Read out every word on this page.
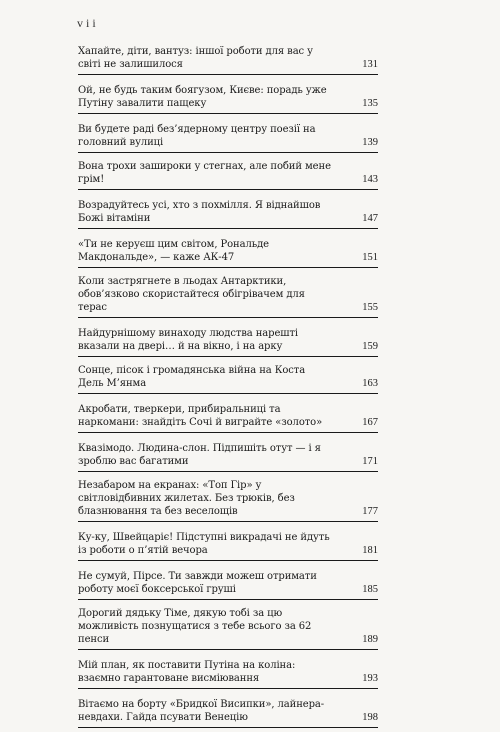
vii
Хапайте, діти, вантуз: іншої роботи для вас у світі не залишилося	131
Ой, не будь таким боягузом, Києве: порадь уже Путіну завалити пащеку	135
Ви будете раді без’ядерному центру поезії на головний вулиці	139
Вона трохи зашироки у стегнах, але побий мене грім!	143
Возрадуйтесь усі, хто з похмілля. Я віднайшов Божі вітаміни	147
«Ти не керуєш цим світом, Рональде Макдональде», — каже АК-47	151
Коли застрягнете в льодах Антарктики, обов’язково скористайтеся обігрівачем для терас	155
Найдурнішому винаходу людства нарешті вказали на двері… й на вікно, і на арку	159
Сонце, пісок і громадянська війна на Коста Дель М’янма	163
Акробати, тверкери, прибиральниці та наркомани: знайдіть Сочі й виграйте «золото»	167
Квазімодо. Людина-слон. Підпишіть отут — і я зроблю вас багатими	171
Незабаром на екранах: «Топ Гір» у світловідбивних жилетах. Без трюків, без блазнювання та без веселощів	177
Ку-ку, Швейцаріє! Підступні викрадачі не йдуть із роботи о п’ятій вечора	181
Не сумуй, Пірсе. Ти завжди можеш отримати роботу моєї боксерської груші	185
Дорогий дядьку Тіме, дякую тобі за цю можливість познущатися з тебе всього за 62 пенси	189
Мій план, як поставити Путіна на коліна: взаємно гарантоване висміювання	193
Вітаємо на борту «Бридкої Висипки», лайнера-невдахи. Гайда псувати Венецію	198
